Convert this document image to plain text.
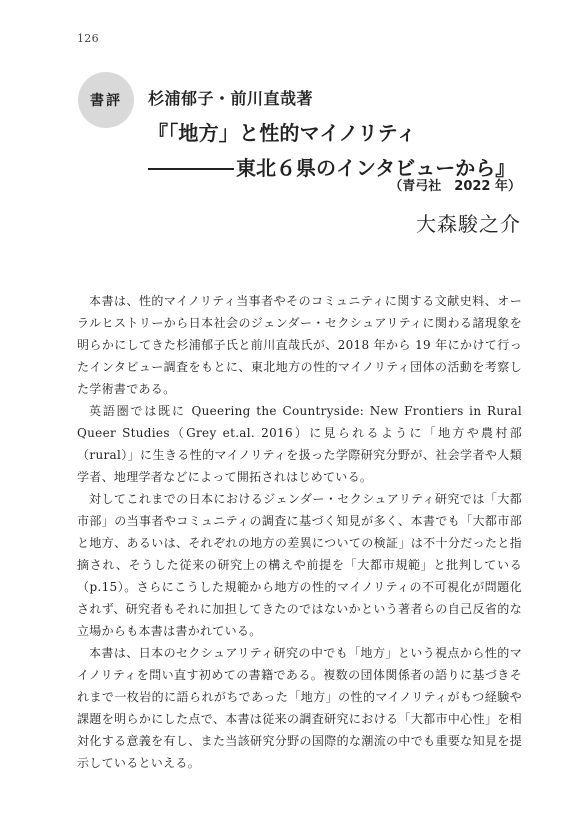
126
書評	杉浦郁子・前川直哉著
『「地方」と性的マイノリティ
東北６県のインタビューから』
（青弓社　2022 年）
大森駿之介

本書は、性的マイノリティ当事者やそのコミュニティに関する文献史料、オーラルヒストリーから日本社会のジェンダー・セクシュアリティに関わる諸現象を明らかにしてきた杉浦郁子氏と前川直哉氏が、2018 年から 19 年にかけて行ったインタビュー調査をもとに、東北地方の性的マイノリティ団体の活動を考察した学術書である。

英語圏では既に Queering the Countryside: New Frontiers in Rural Queer Studies（Grey et.al. 2016）に見られるように「地方や農村部（rural）」に生きる性的マイノリティを扱った学際研究分野が、社会学者や人類学者、地理学者などによって開拓されはじめている。

対してこれまでの日本におけるジェンダー・セクシュアリティ研究では「大都市部」の当事者やコミュニティの調査に基づく知見が多く、本書でも「大都市部と地方、あるいは、それぞれの地方の差異についての検証」は不十分だったと指摘され、そうした従来の研究上の構えや前提を「大都市規範」と批判している（p.15）。さらにこうした規範から地方の性的マイノリティの不可視化が問題化されず、研究者もそれに加担してきたのではないかという著者らの自己反省的な立場からも本書は書かれている。

本書は、日本のセクシュアリティ研究の中でも「地方」という視点から性的マイノリティを問い直す初めての書籍である。複数の団体関係者の語りに基づきそれまで一枚岩的に語られがちであった「地方」の性的マイノリティがもつ経験や課題を明らかにした点で、本書は従来の調査研究における「大都市中心性」を相対化する意義を有し、また当該研究分野の国際的な潮流の中でも重要な知見を提示しているといえる。
